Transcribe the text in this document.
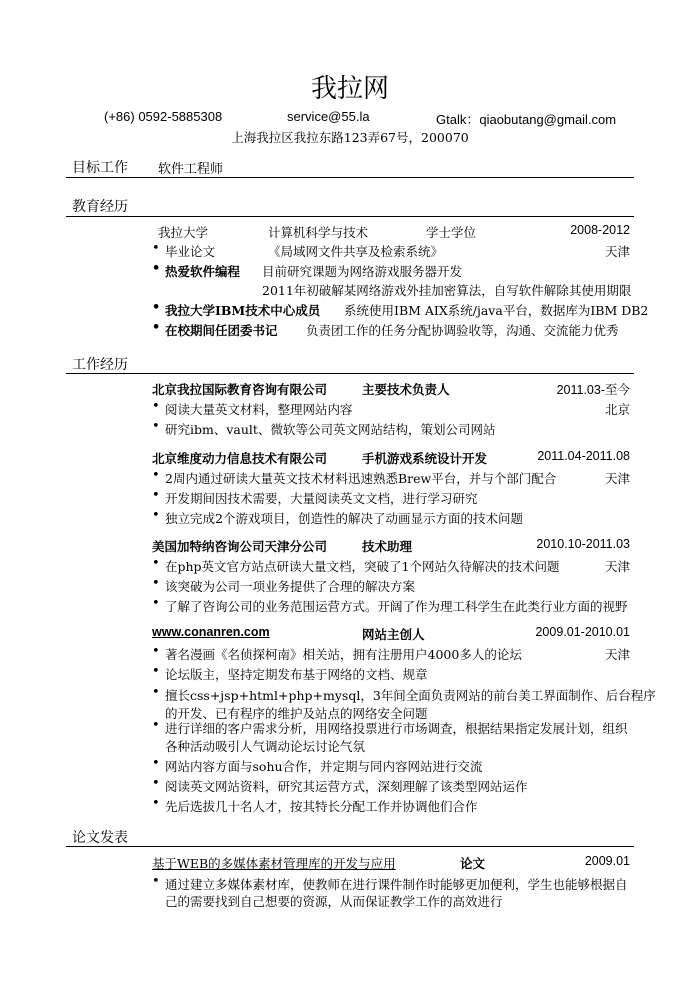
我拉网
(+86) 0592-5885308	service@55.la	Gtalk：qiaobutang@gmail.com
上海我拉区我拉东路123弄67号，200070
目标工作 软件工程师
教育经历
我拉大学	计算机科学与技术	学士学位	2008-2012
• 毕业论文	《局域网文件共享及检索系统》	天津
• 热爱软件编程 目前研究课题为网络游戏服务器开发
2011年初破解某网络游戏外挂加密算法，自写软件解除其使用期限
• 我拉大学IBM技术中心成员 系统使用IBM AIX系统/java平台，数据库为IBM DB2
• 在校期间任团委书记 负责团工作的任务分配协调验收等，沟通、交流能力优秀
工作经历
北京我拉国际教育咨询有限公司	主要技术负责人	2011.03-至今
• 阅读大量英文材料，整理网站内容	北京
• 研究ibm、vault、微软等公司英文网站结构，策划公司网站
北京维度动力信息技术有限公司	手机游戏系统设计开发	2011.04-2011.08
• 2周内通过研读大量英文技术材料迅速熟悉Brew平台，并与个部门配合	天津
• 开发期间因技术需要，大量阅读英文文档，进行学习研究
• 独立完成2个游戏项目，创造性的解决了动画显示方面的技术问题
美国加特纳咨询公司天津分公司	技术助理	2010.10-2011.03
• 在php英文官方站点研读大量文档，突破了1个网站久待解决的技术问题	天津
• 该突破为公司一项业务提供了合理的解决方案
• 了解了咨询公司的业务范围运营方式。开阔了作为理工科学生在此类行业方面的视野
www.conanren.com	网站主创人	2009.01-2010.01
• 著名漫画《名侦探柯南》相关站，拥有注册用户4000多人的论坛	天津
• 论坛版主，坚持定期发布基于网络的文档、规章
• 擅长css+jsp+html+php+mysql，3年间全面负责网站的前台美工界面制作、后台程序
的开发、已有程序的维护及站点的网络安全问题
• 进行详细的客户需求分析，用网络投票进行市场调查，根据结果指定发展计划，组织
各种活动吸引人气调动论坛讨论气氛
• 网站内容方面与sohu合作，并定期与同内容网站进行交流
• 阅读英文网站资料，研究其运营方式，深刻理解了该类型网站运作
• 先后选拔几十名人才，按其特长分配工作并协调他们合作
论文发表
基于WEB的多媒体素材管理库的开发与应用	论文	2009.01
• 通过建立多媒体素材库，使教师在进行课件制作时能够更加便利，学生也能够根据自
己的需要找到自己想要的资源，从而保证教学工作的高效进行
